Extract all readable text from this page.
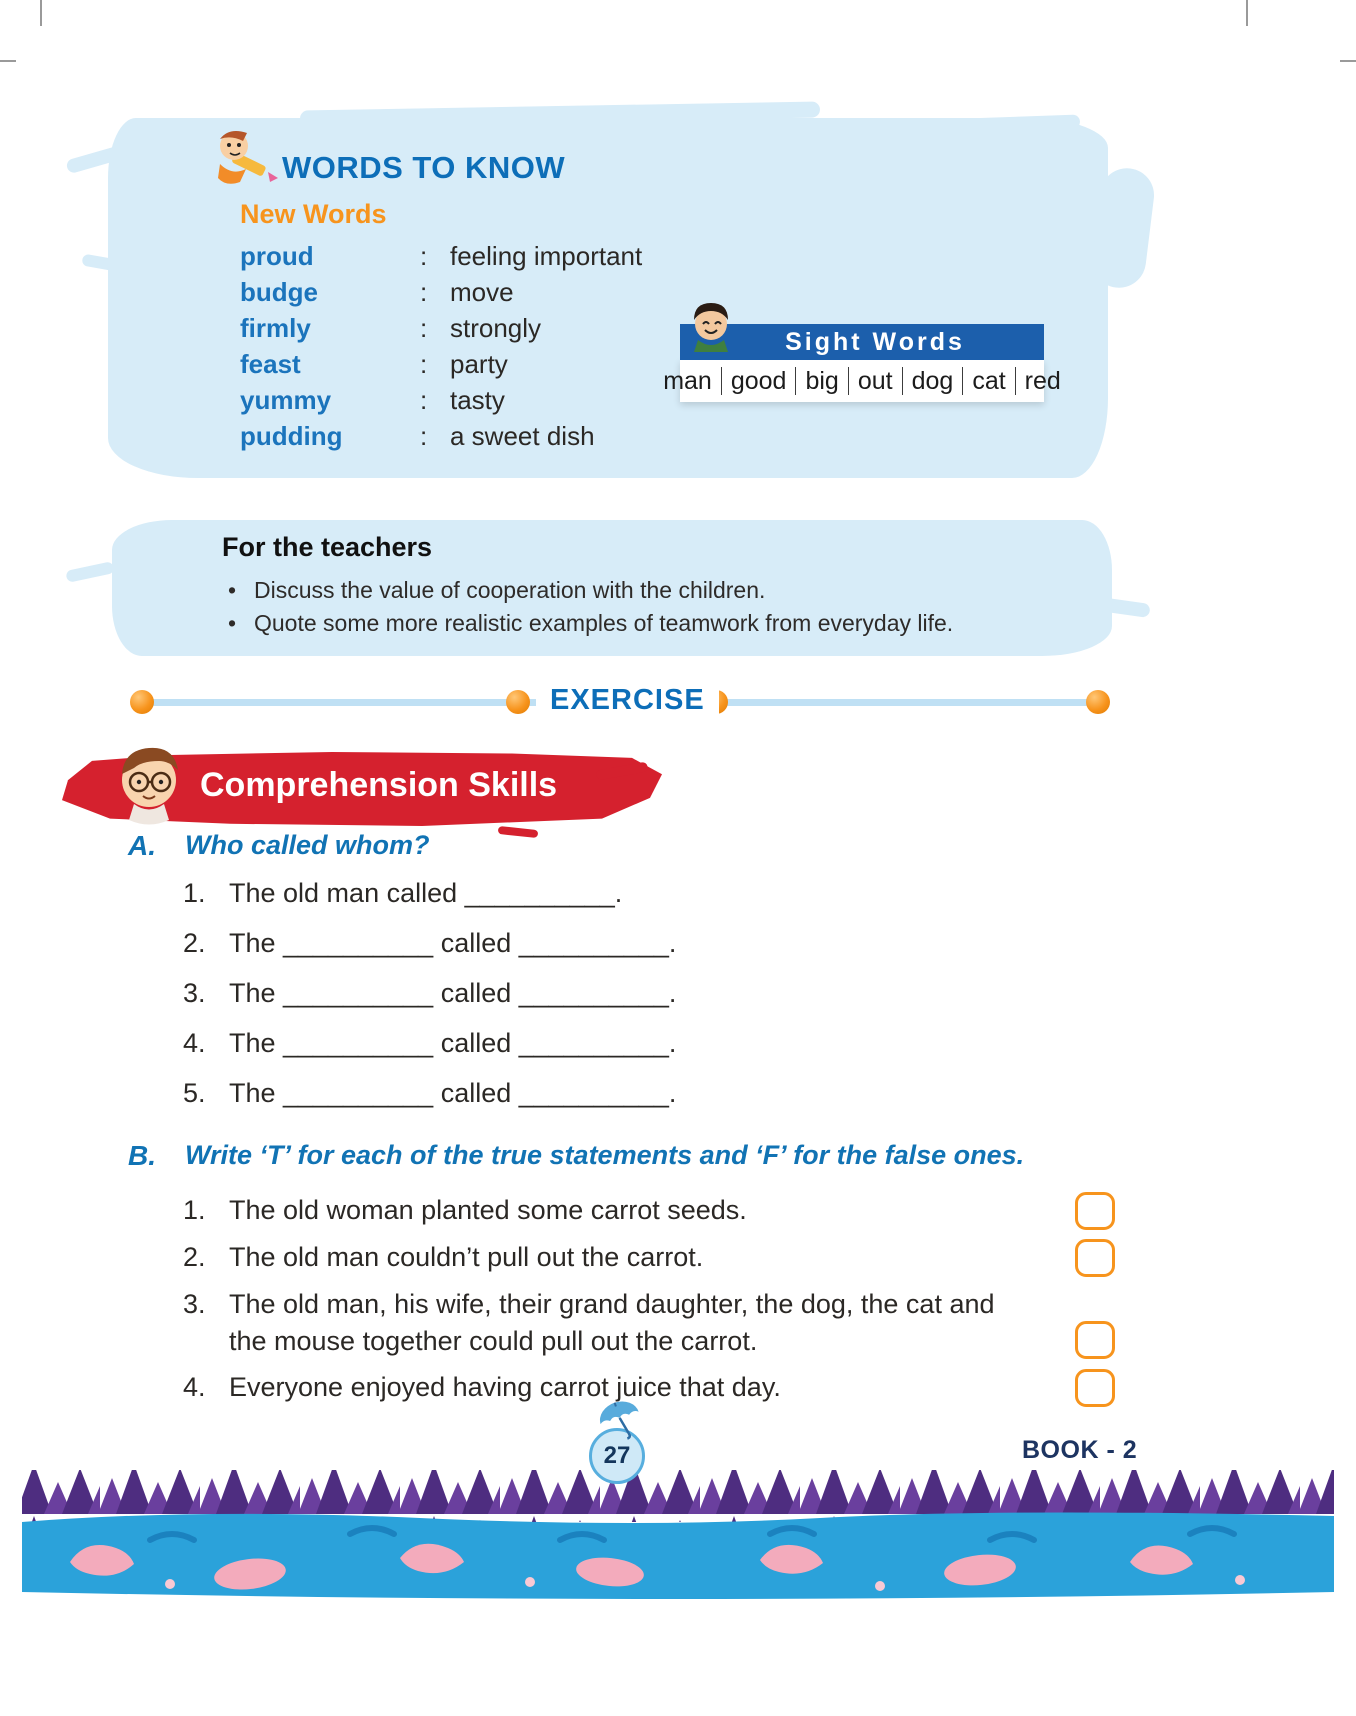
WORDS TO KNOW
New Words
proud	: feeling important
budge	: move
firmly	: strongly
feast	: party
yummy	: tasty
pudding	: a sweet dish
Sight Words
man good big out dog cat red
For the teachers
•
Discuss the value of cooperation with the children.
•
Quote some more realistic examples of teamwork from everyday life.
EXERCISE
Comprehension Skills
A. Who called whom?
1. The old man called __________.
2. The __________ called __________.
3. The __________ called __________.
4. The __________ called __________.
5. The __________ called __________.
B. Write ‘T’ for each of the true statements and ‘F’ for the false ones.
1. The old woman planted some carrot seeds.
2. The old man couldn’t pull out the carrot.
3. The old man, his wife, their grand daughter, the dog, the cat and the mouse together could pull out the carrot.
4. Everyone enjoyed having carrot juice that day.
27	BOOK - 2
